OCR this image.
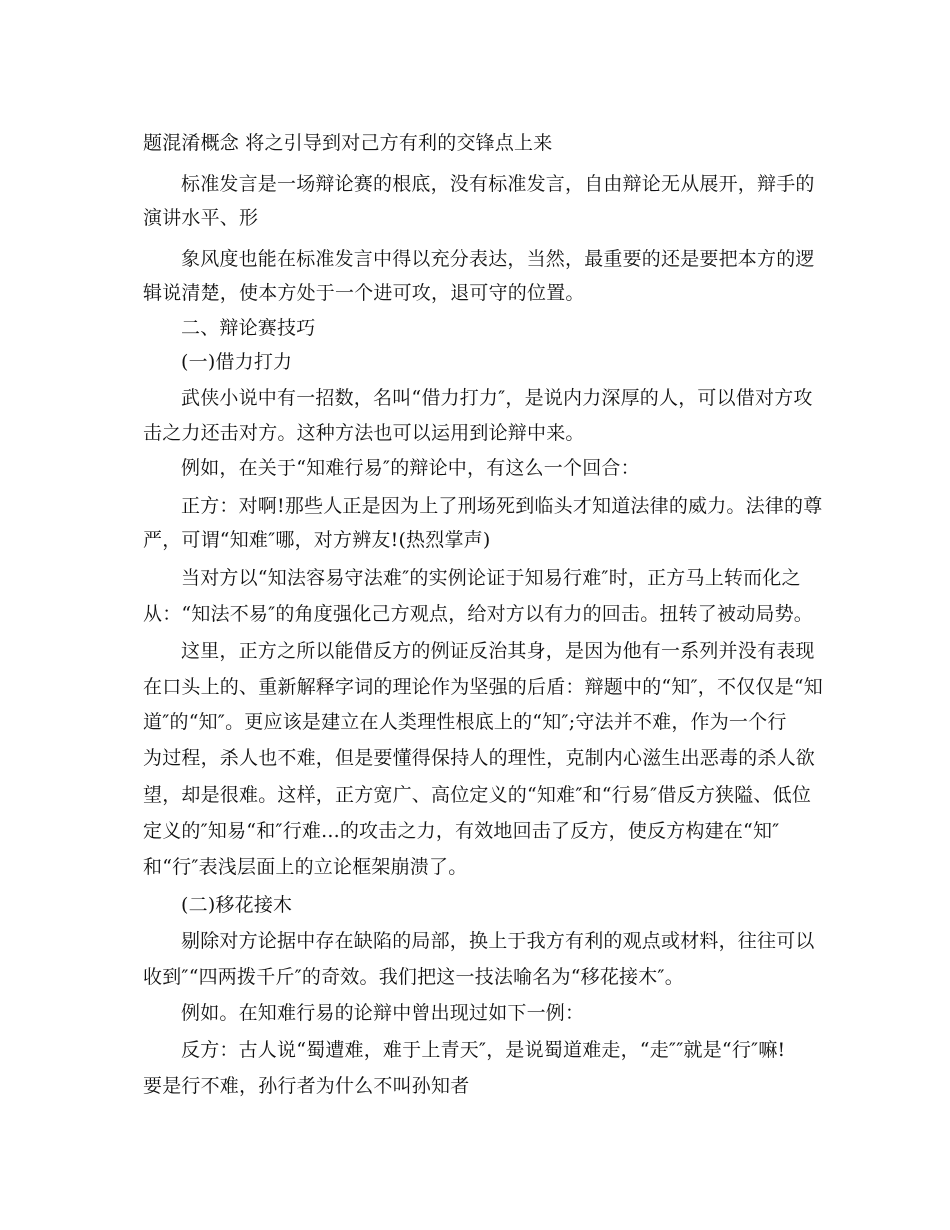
题混淆概念 将之引导到对己方有利的交锋点上来
标准发言是一场辩论赛的根底，没有标准发言，自由辩论无从展开，辩手的
演讲水平、形
象风度也能在标准发言中得以充分表达，当然，最重要的还是要把本方的逻
辑说清楚，使本方处于一个进可攻，退可守的位置。
二、辩论赛技巧
(一)借力打力
武侠小说中有一招数，名叫“借力打力″，是说内力深厚的人，可以借对方攻
击之力还击对方。这种方法也可以运用到论辩中来。
例如，在关于“知难行易″的辩论中，有这么一个回合：
正方：对啊!那些人正是因为上了刑场死到临头才知道法律的威力。法律的尊
严，可谓“知难″哪，对方辨友!(热烈掌声)
当对方以“知法容易守法难″的实例论证于知易行难″时，正方马上转而化之
从：“知法不易″的角度强化己方观点，给对方以有力的回击。扭转了被动局势。
这里，正方之所以能借反方的例证反治其身，是因为他有一系列并没有表现
在口头上的、重新解释字词的理论作为坚强的后盾：辩题中的“知″，不仅仅是“知
道″的“知″。更应该是建立在人类理性根底上的“知″;守法并不难，作为一个行
为过程，杀人也不难，但是要懂得保持人的理性，克制内心滋生出恶毒的杀人欲
望，却是很难。这样，正方宽广、高位定义的“知难″和“行易″借反方狭隘、低位
定义的″知易“和″行难...的攻击之力，有效地回击了反方，使反方构建在“知″
和“行″表浅层面上的立论框架崩溃了。
(二)移花接木
剔除对方论据中存在缺陷的局部，换上于我方有利的观点或材料，往往可以
收到″“四两拨千斤″的奇效。我们把这一技法喻名为“移花接木″。
例如。在知难行易的论辩中曾出现过如下一例：
反方：古人说“蜀遭难，难于上青天″，是说蜀道难走，“走″″就是“行″嘛!
要是行不难，孙行者为什么不叫孙知者
